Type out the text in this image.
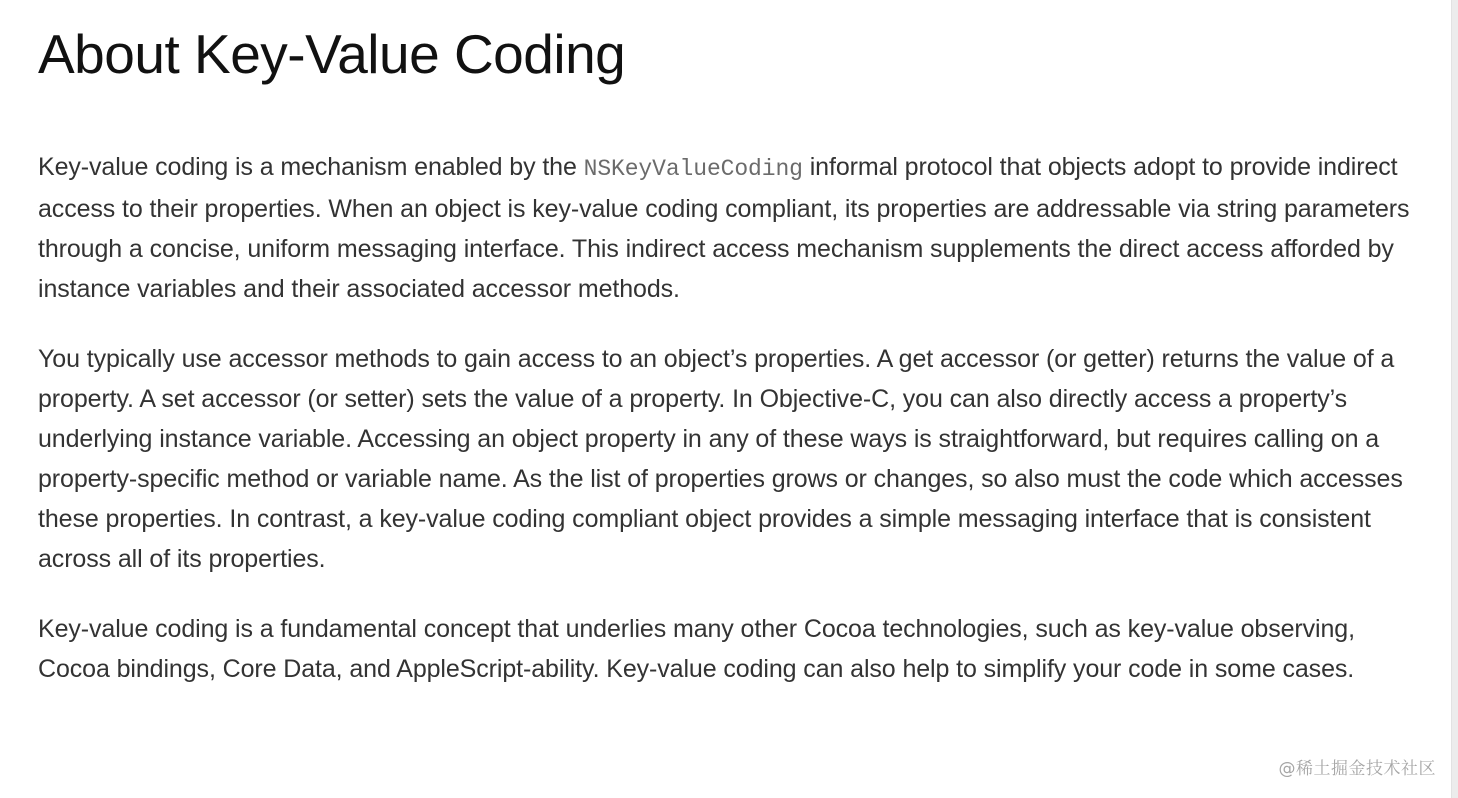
About Key-Value Coding

Key-value coding is a mechanism enabled by the NSKeyValueCoding informal protocol that objects adopt to provide indirect access to their properties. When an object is key-value coding compliant, its properties are addressable via string parameters through a concise, uniform messaging interface. This indirect access mechanism supplements the direct access afforded by instance variables and their associated accessor methods.

You typically use accessor methods to gain access to an object’s properties. A get accessor (or getter) returns the value of a property. A set accessor (or setter) sets the value of a property. In Objective-C, you can also directly access a property’s underlying instance variable. Accessing an object property in any of these ways is straightforward, but requires calling on a property-specific method or variable name. As the list of properties grows or changes, so also must the code which accesses these properties. In contrast, a key-value coding compliant object provides a simple messaging interface that is consistent across all of its properties.

Key-value coding is a fundamental concept that underlies many other Cocoa technologies, such as key-value observing, Cocoa bindings, Core Data, and AppleScript-ability. Key-value coding can also help to simplify your code in some cases.

@稀土掘金技术社区
